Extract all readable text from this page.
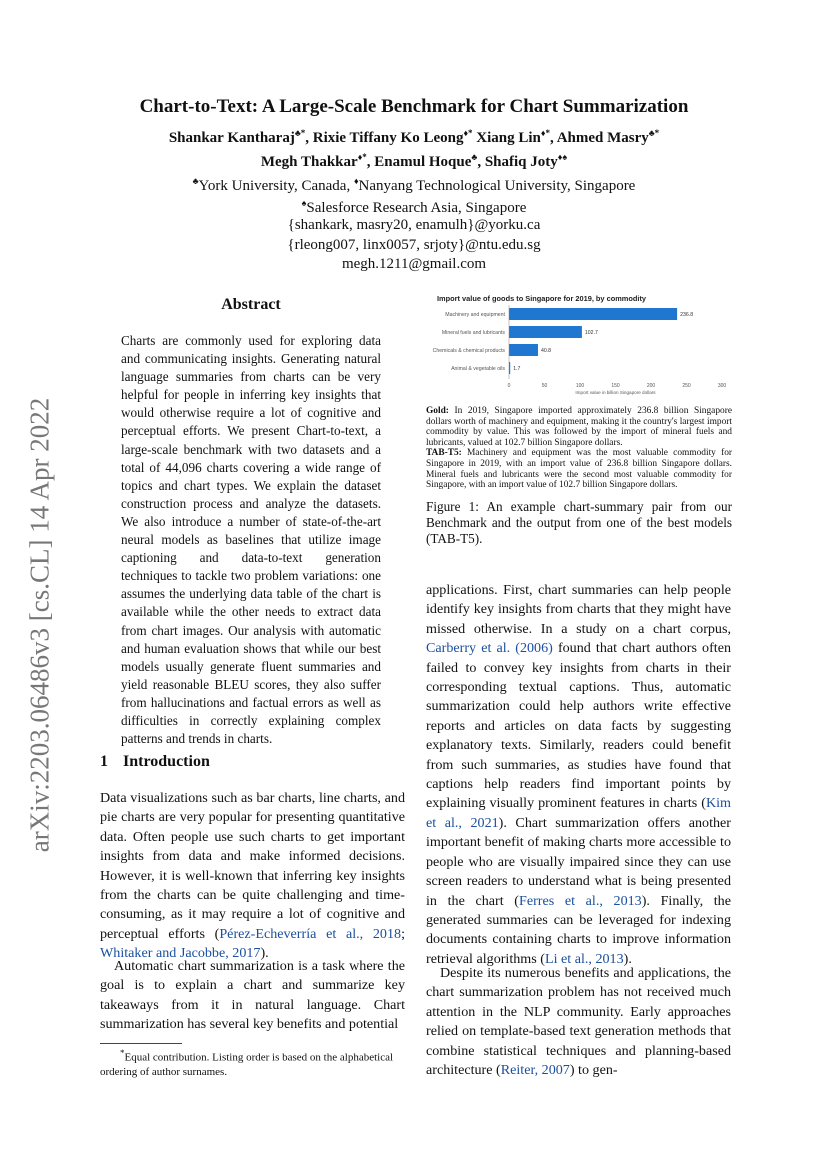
Chart-to-Text: A Large-Scale Benchmark for Chart Summarization
Shankar Kantharaj♣*, Rixie Tiffany Ko Leong♦* Xiang Lin♦*, Ahmed Masry♣*
Megh Thakkar♦*, Enamul Hoque♣, Shafiq Joty♦♠
♣York University, Canada, ♦Nanyang Technological University, Singapore
♠Salesforce Research Asia, Singapore
{shankark, masry20, enamulh}@yorku.ca
{rleong007, linx0057, srjoty}@ntu.edu.sg
megh.1211@gmail.com
arXiv:2203.06486v3 [cs.CL] 14 Apr 2022
Abstract
Charts are commonly used for exploring data and communicating insights. Generating natural language summaries from charts can be very helpful for people in inferring key insights that would otherwise require a lot of cognitive and perceptual efforts. We present Chart-to-text, a large-scale benchmark with two datasets and a total of 44,096 charts covering a wide range of topics and chart types. We explain the dataset construction process and analyze the datasets. We also introduce a number of state-of-the-art neural models as baselines that utilize image captioning and data-to-text generation techniques to tackle two problem variations: one assumes the underlying data table of the chart is available while the other needs to extract data from chart images. Our analysis with automatic and human evaluation shows that while our best models usually generate fluent summaries and yield reasonable BLEU scores, they also suffer from hallucinations and factual errors as well as difficulties in correctly explaining complex patterns and trends in charts.
1 Introduction
Data visualizations such as bar charts, line charts, and pie charts are very popular for presenting quantitative data. Often people use such charts to get important insights from data and make informed decisions. However, it is well-known that inferring key insights from the charts can be quite challenging and time-consuming, as it may require a lot of cognitive and perceptual efforts (Pérez-Echeverría et al., 2018; Whitaker and Jacobbe, 2017).
Automatic chart summarization is a task where the goal is to explain a chart and summarize key takeaways from it in natural language. Chart summarization has several key benefits and potential
*Equal contribution. Listing order is based on the alphabetical ordering of author surnames.
applications. First, chart summaries can help people identify key insights from charts that they might have missed otherwise. In a study on a chart corpus, Carberry et al. (2006) found that chart authors often failed to convey key insights from charts in their corresponding textual captions. Thus, automatic summarization could help authors write effective reports and articles on data facts by suggesting explanatory texts. Similarly, readers could benefit from such summaries, as studies have found that captions help readers find important points by explaining visually prominent features in charts (Kim et al., 2021). Chart summarization offers another important benefit of making charts more accessible to people who are visually impaired since they can use screen readers to understand what is being presented in the chart (Ferres et al., 2013). Finally, the generated summaries can be leveraged for indexing documents containing charts to improve information retrieval algorithms (Li et al., 2013).
Despite its numerous benefits and applications, the chart summarization problem has not received much attention in the NLP community. Early approaches relied on template-based text generation methods that combine statistical techniques and planning-based architecture (Reiter, 2007) to gen-
Import value of goods to Singapore for 2019, by commodity
Machinery and equipment	236.8
Mineral fuels and lubricants	102.7
Chemicals & chemical products	40.8
Animal & vegetable oils 1.7
0	50	100	150	200	250	300
Import value in billion Singapore dollars

Gold: In 2019, Singapore imported approximately 236.8 billion Singapore dollars worth of machinery and equipment, making it the country's largest import commodity by value. This was followed by the import of mineral fuels and lubricants, valued at 102.7 billion Singapore dollars.

TAB-T5: Machinery and equipment was the most valuable commodity for Singapore in 2019, with an import value of 236.8 billion Singapore dollars. Mineral fuels and lubricants were the second most valuable commodity for Singapore, with an import value of 102.7 billion Singapore dollars.

Figure 1: An example chart-summary pair from our Benchmark and the output from one of the best models (TAB-T5).
